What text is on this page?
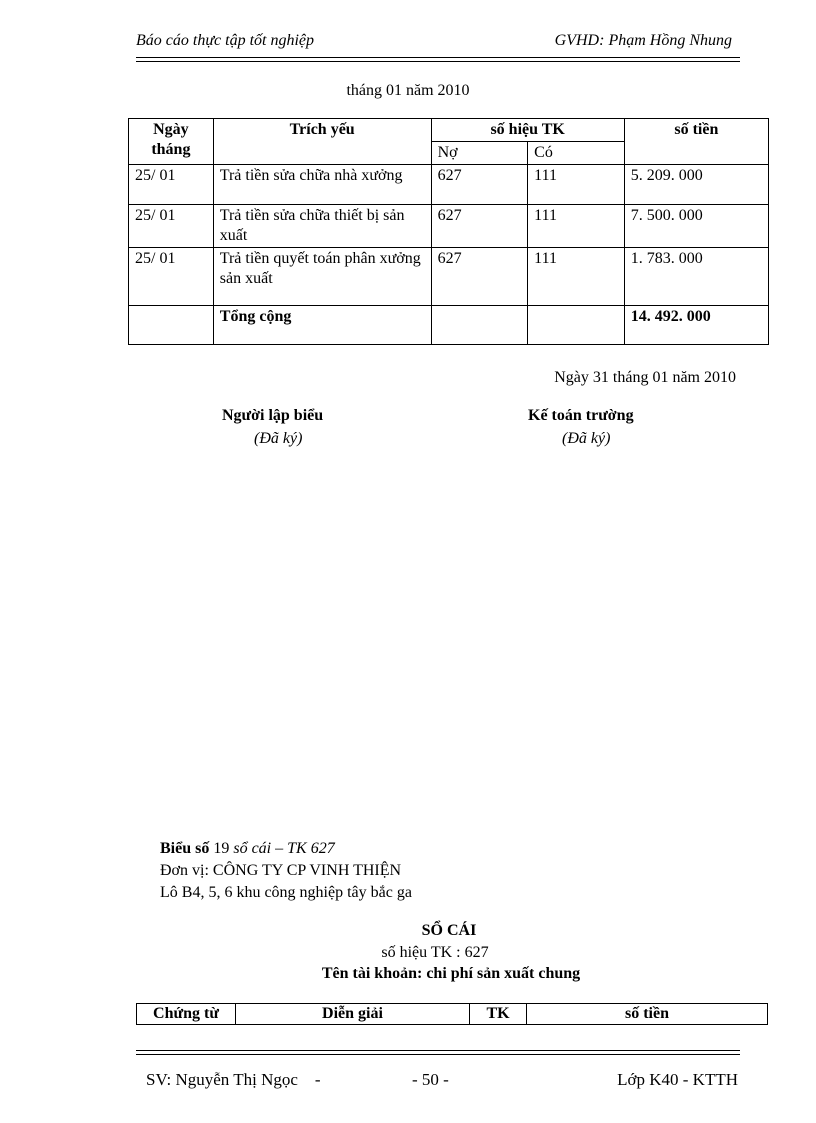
Báo cáo thực tập tốt nghiệp	GVHD: Phạm Hồng Nhung
tháng 01 năm 2010
Ngày tháng	Trích yếu	số hiệu TK		số tiền
		Nợ	Có	
25/ 01	Trả tiền sửa chữa nhà xưởng	627	111	5. 209. 000
25/ 01	Trả tiền sửa chữa thiết bị sản xuất	627	111	7. 500. 000
25/ 01	Trả tiền quyết toán phân xưởng sản xuất	627	111	1. 783. 000
	Tổng cộng			14. 492. 000
Ngày 31 tháng 01 năm 2010
Người lập biểu
(Đã ký)
Kế toán trường
(Đã ký)
Biểu số 19 sổ cái – TK 627
Đơn vị: CÔNG TY CP VINH THIỆN
Lô B4, 5, 6 khu công nghiệp tây bắc ga
SỔ CÁI
số hiệu TK : 627
Tên tài khoản: chi phí sản xuất chung
Chứng từ	Diễn giải	TK	số tiền
SV: Nguyễn Thị Ngọc -	- 50 -	Lớp K40 - KTTH
